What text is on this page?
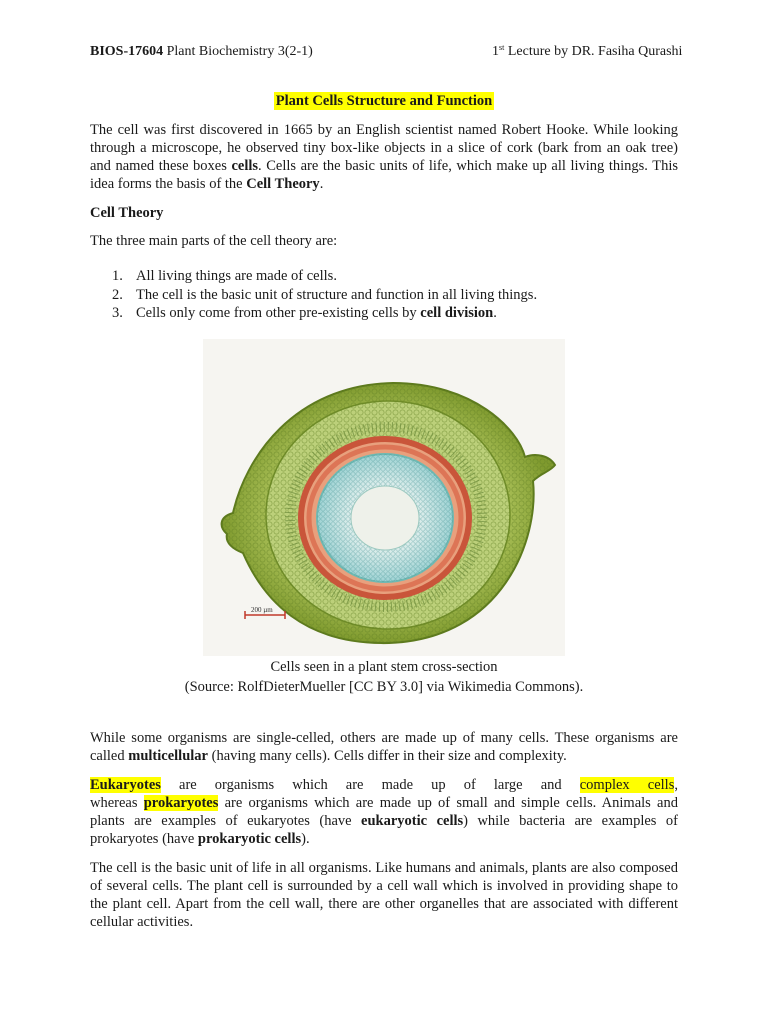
BIOS-17604 Plant Biochemistry 3(2-1)	1st Lecture by DR. Fasiha Qurashi
Plant Cells Structure and Function
The cell was first discovered in 1665 by an English scientist named Robert Hooke. While looking through a microscope, he observed tiny box-like objects in a slice of cork (bark from an oak tree) and named these boxes cells. Cells are the basic units of life, which make up all living things. This idea forms the basis of the Cell Theory.
Cell Theory
The three main parts of the cell theory are:
1. All living things are made of cells.
2. The cell is the basic unit of structure and function in all living things.
3. Cells only come from other pre-existing cells by cell division.
200 µm
Cells seen in a plant stem cross-section
(Source: RolfDieterMueller [CC BY 3.0] via Wikimedia Commons).
While some organisms are single-celled, others are made up of many cells. These organisms are called multicellular (having many cells). Cells differ in their size and complexity.
Eukaryotes are organisms which are made up of large and complex cells,
whereas prokaryotes are organisms which are made up of small and simple cells. Animals and plants are examples of eukaryotes (have eukaryotic cells) while bacteria are examples of prokaryotes (have prokaryotic cells).
The cell is the basic unit of life in all organisms. Like humans and animals, plants are also composed of several cells. The plant cell is surrounded by a cell wall which is involved in providing shape to the plant cell. Apart from the cell wall, there are other organelles that are associated with different cellular activities.
